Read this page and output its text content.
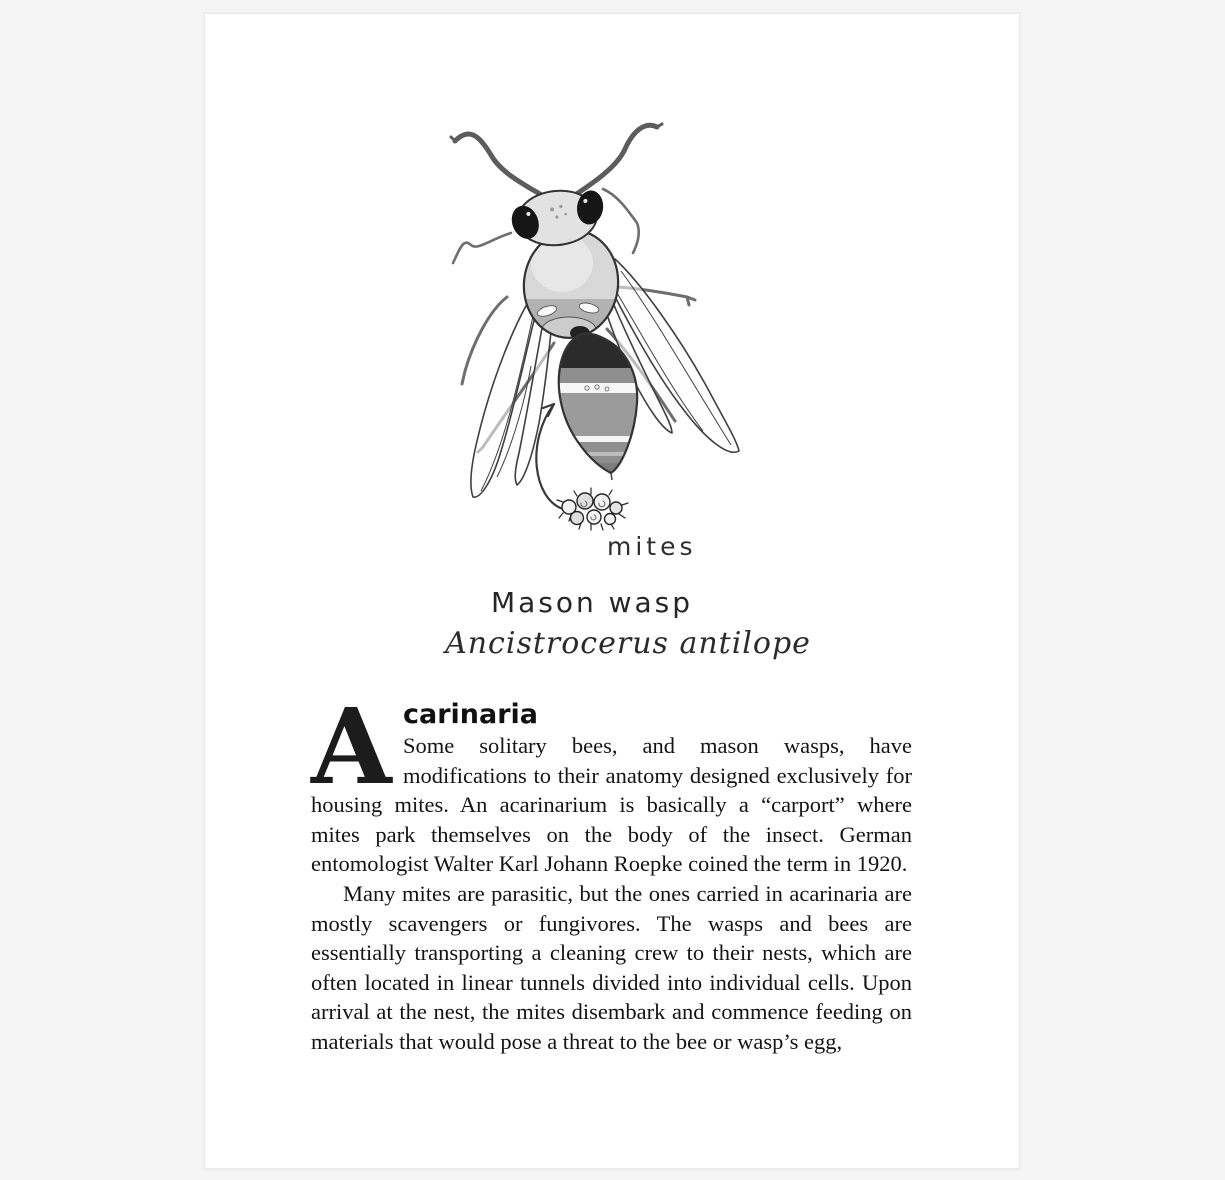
mites
Mason wasp
Ancistrocerus antilope
A carinaria

Some solitary bees, and mason wasps, have modifications to their anatomy designed exclusively for housing mites. An acarinarium is basically a “carport” where mites park themselves on the body of the insect. German entomologist Walter Karl Johann Roepke coined the term in 1920.

Many mites are parasitic, but the ones carried in acarinaria are mostly scavengers or fungivores. The wasps and bees are essentially transporting a cleaning crew to their nests, which are often located in linear tunnels divided into individual cells. Upon arrival at the nest, the mites disembark and commence feeding on materials that would pose a threat to the bee or wasp’s egg,
